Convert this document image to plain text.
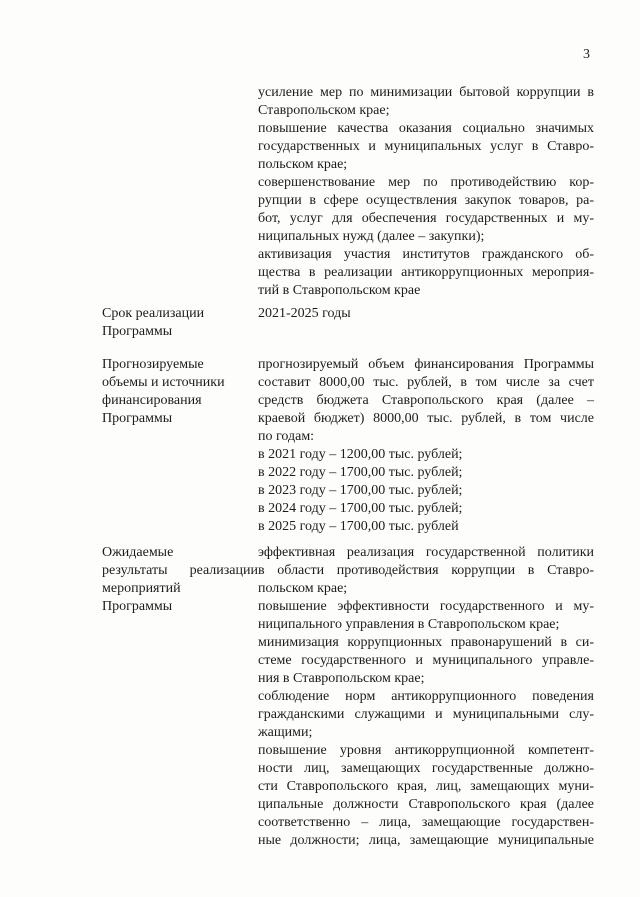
3
усиление мер по минимизации бытовой коррупции в
Ставропольском крае;
повышение качества оказания социально значимых
государственных и муниципальных услуг в Ставро-
польском крае;
совершенствование мер по противодействию кор-
рупции в сфере осуществления закупок товаров, ра-
бот, услуг для обеспечения государственных и му-
ниципальных нужд (далее – закупки);
активизация участия институтов гражданского об-
щества в реализации антикоррупционных мероприя-
тий в Ставропольском крае
Срок реализации
Программы
2021-2025 годы
Прогнозируемые
объемы и источники
финансирования
Программы
прогнозируемый объем финансирования Программы
составит 8000,00 тыс. рублей, в том числе за счет
средств бюджета Ставропольского края (далее –
краевой бюджет) 8000,00 тыс. рублей, в том числе
по годам:
в 2021 году – 1200,00 тыс. рублей;
в 2022 году – 1700,00 тыс. рублей;
в 2023 году – 1700,00 тыс. рублей;
в 2024 году – 1700,00 тыс. рублей;
в 2025 году – 1700,00 тыс. рублей
Ожидаемые
результаты реализации
мероприятий
Программы
эффективная реализация государственной политики
в области противодействия коррупции в Ставро-
польском крае;
повышение эффективности государственного и му-
ниципального управления в Ставропольском крае;
минимизация коррупционных правонарушений в си-
стеме государственного и муниципального управле-
ния в Ставропольском крае;
соблюдение норм антикоррупционного поведения
гражданскими служащими и муниципальными слу-
жащими;
повышение уровня антикоррупционной компетент-
ности лиц, замещающих государственные должно-
сти Ставропольского края, лиц, замещающих муни-
ципальные должности Ставропольского края (далее
соответственно – лица, замещающие государствен-
ные должности; лица, замещающие муниципальные
